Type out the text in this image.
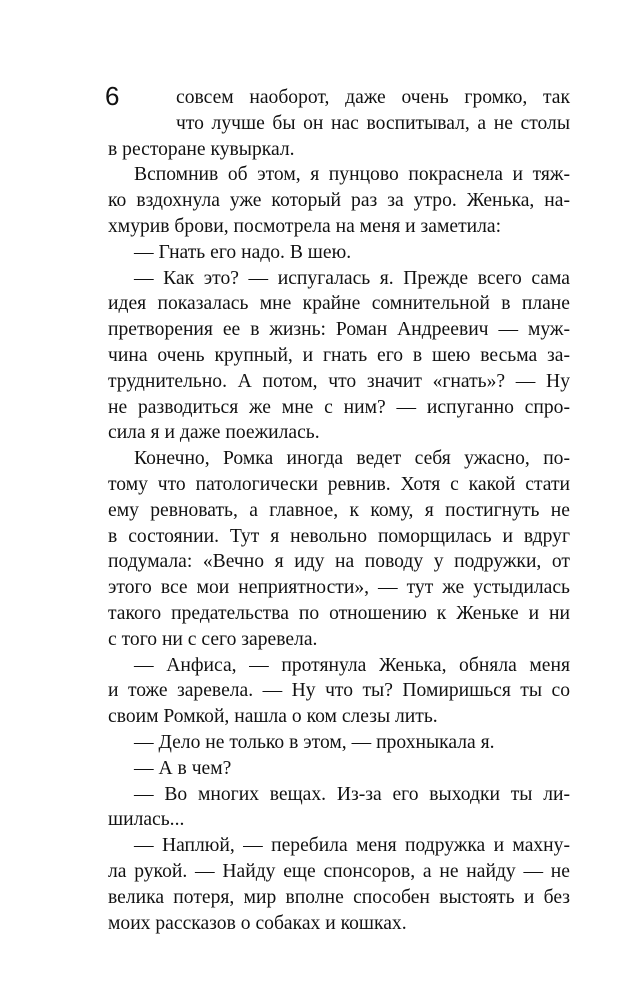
6	совсем наоборот, даже очень громко, так
что лучше бы он нас воспитывал, а не столы
в ресторане кувыркал.
Вспомнив об этом, я пунцово покраснела и тяж-
ко вздохнула уже который раз за утро. Женька, на-
хмурив брови, посмотрела на меня и заметила:
— Гнать его надо. В шею.
— Как это? — испугалась я. Прежде всего сама
идея показалась мне крайне сомнительной в плане
претворения ее в жизнь: Роман Андреевич — муж-
чина очень крупный, и гнать его в шею весьма за-
труднительно. А потом, что значит «гнать»? — Ну
не разводиться же мне с ним? — испуганно спро-
сила я и даже поежилась.
Конечно, Ромка иногда ведет себя ужасно, по-
тому что патологически ревнив. Хотя с какой стати
ему ревновать, а главное, к кому, я постигнуть не
в состоянии. Тут я невольно поморщилась и вдруг
подумала: «Вечно я иду на поводу у подружки, от
этого все мои неприятности», — тут же устыдилась
такого предательства по отношению к Женьке и ни
с того ни с сего заревела.
— Анфиса, — протянула Женька, обняла меня
и тоже заревела. — Ну что ты? Помиришься ты со
своим Ромкой, нашла о ком слезы лить.
— Дело не только в этом, — прохныкала я.
— А в чем?
— Во многих вещах. Из-за его выходки ты ли-
шилась...
— Наплюй, — перебила меня подружка и махну-
ла рукой. — Найду еще спонсоров, а не найду — не
велика потеря, мир вполне способен выстоять и без
моих рассказов о собаках и кошках.
